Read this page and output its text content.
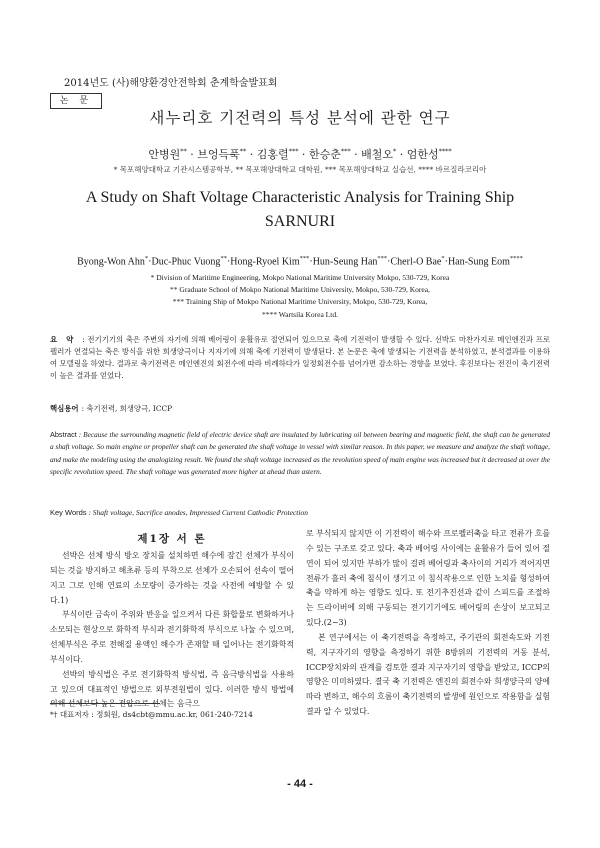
2014년도 (사)해양환경안전학회 춘계학술발표회
논 문
새누리호 기전력의 특성 분석에 관한 연구
안병원** · 브엉득푹** · 김홍렬*** · 한승춘*** · 배철오* · 엄한성****
* 목포해양대학교 기관시스템공학부, ** 목포해양대학교 대학원, *** 목포해양대학교 실습선, **** 바르질라코리아
A Study on Shaft Voltage Characteristic Analysis for Training Ship SARNURI
Byong-Won Ahn*·Duc-Phuc Vuong**·Hong-Ryoel Kim***·Hun-Seung Han***·Cherl-O Bae*·Han-Sung Eom****
* Division of Maritime Engineering, Mokpo National Maritime University Mokpo, 530-729, Korea
** Graduate School of Mokpo National Maritime University, Mokpo, 530-729, Korea,
*** Training Ship of Mokpo National Maritime University, Mokpo, 530-729, Korea,
**** Wartsila Korea Ltd.
요 약 : 전기기기의 축은 주변의 자기에 의해 베어링이 윤활유로 절연되어 있으므로 축에 기전력이 발생할 수 있다. 선박도 마찬가지로 메인엔진과 프로펠러가 연결되는 축은 방식을 위한 희생양극이나 지자기에 의해 축에 기전력이 발생된다. 본 논문은 축에 발생되는 기전력을 분석하였고, 분석결과를 이용하여 모델링을 하였다. 결과로 축기전력은 메인엔진의 회전수에 따라 비례하다가 일정회전수를 넘어가면 감소하는 경향을 보였다. 후진보다는 전진이 축기전력이 높은 결과를 얻었다.
핵심용어 : 축기전력, 희생양극, ICCP
Abstract : Because the surrounding magnetic field of electric device shaft are insulated by lubricating oil between bearing and magnetic field, the shaft can be generated a shaft voltage. So main engine or propeller shaft can be generated the shaft voltage in vessel with similar reason. In this paper, we measure and analyze the shaft voltage, and make the modeling using the analogizing result. We found the shaft voltage increased as the revolution speed of main engine was increased but it decreased at over the specific revolution speed. The shaft voltage was generated more higher at ahead than astern.
Key Words : Shaft voltage, Sacrifice anodes, Impressed Current Cathodic Protection
제1장 서 론

선박은 선체 방식 방오 장치를 설치하면 해수에 잠긴 선체가 부식이 되는 것을 방지하고 해초류 등의 부착으로 선체가 오손되어 선속이 떨어지고 그로 인해 연료의 소모량이 증가하는 것을 사전에 예방할 수 있다.1)

부식이란 금속이 주위와 반응을 일으켜서 다른 화합물로 변화하거나 소모되는 현상으로 화학적 부식과 전기화학적 부식으로 나눌 수 있으며, 선체부식은 주로 전해질 용액인 해수가 존재할 때 일어나는 전기화학적 부식이다.

선박의 방식법은 주로 전기화학적 방식법, 즉 음극방식법을 사용하고 있으며 대표적인 방법으로 외부전원법이 있다. 이러한 방식 방법에 의해 선체보다 높은 전압으로 선체는 음극으

로 부식되지 않지만 이 기전력이 해수와 프로펠러축을 타고 전류가 흐를 수 있는 구조로 갖고 있다. 축과 베어링 사이에는 윤활유가 들어 있어 절연이 되어 있지만 부하가 많이 걸려 베어링과 축사이의 거리가 적어지면 전류가 흘러 축에 침식이 생기고 이 침식작용으로 인한 노치를 형성하여 축을 약하게 하는 영향도 있다. 또 전기추진선과 같이 스피드를 조절하는 드라이버에 의해 구동되는 전기기기에도 베어링의 손상이 보고되고 있다.(2~3)

본 연구에서는 이 축기전력을 측정하고, 주기관의 회전속도와 기전력, 지구자기의 영향을 측정하기 위한 8방위의 기전력의 거동 분석, ICCP장치와의 관계를 검토한 결과 지구자기의 영향을 받았고, ICCP의 영향은 미미하였다. 결국 축 기전력은 엔진의 회전수와 희생양극의 양에 따라 변하고, 해수의 흐름이 축기전력의 발생에 원인으로 작용함을 실험결과 알 수 있었다.

*† 대표저자 : 정회원, ds4cbt@mmu.ac.kr, 061-240-7214
- 44 -
